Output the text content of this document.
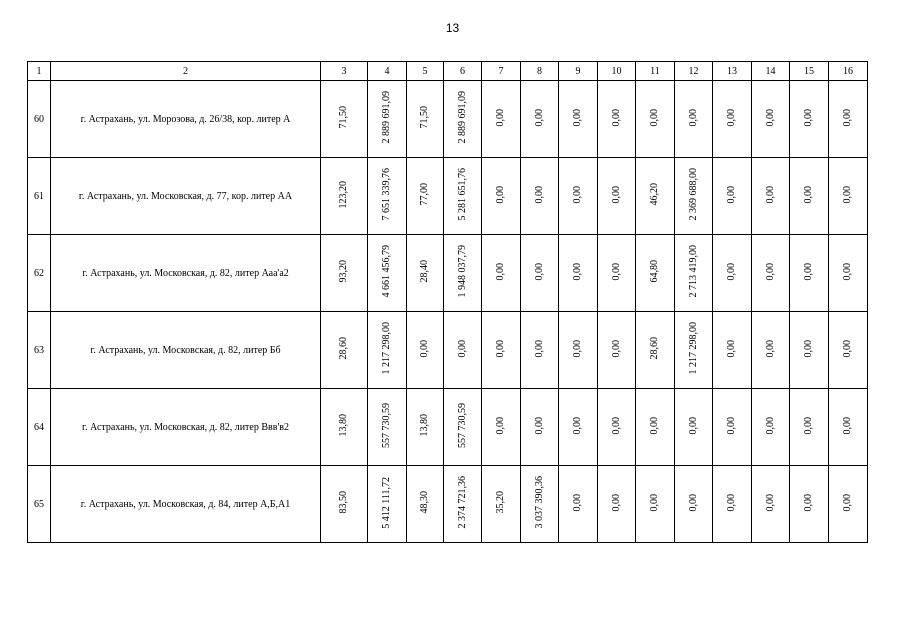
13
1	2	3	4	5	6	7	8	9	10	11	12	13	14	15	16
60	г. Астрахань, ул. Морозова, д. 26/38, кор. литер А	71,50	2 889 691,09	71,50	2 889 691,09	0,00	0,00	0,00	0,00	0,00	0,00	0,00	0,00	0,00	0,00
61	г. Астрахань, ул. Московская, д. 77, кор. литер АА	123,20	7 651 339,76	77,00	5 281 651,76	0,00	0,00	0,00	0,00	46,20	2 369 688,00	0,00	0,00	0,00	0,00
62	г. Астрахань, ул. Московская, д. 82, литер Ааа'а2	93,20	4 661 456,79	28,40	1 948 037,79	0,00	0,00	0,00	0,00	64,80	2 713 419,00	0,00	0,00	0,00	0,00
63	г. Астрахань, ул. Московская, д. 82, литер Бб	28,60	1 217 298,00	0,00	0,00	0,00	0,00	0,00	0,00	28,60	1 217 298,00	0,00	0,00	0,00	0,00
64	г. Астрахань, ул. Московская, д. 82, литер Ввв'в2	13,80	557 730,59	13,80	557 730,59	0,00	0,00	0,00	0,00	0,00	0,00	0,00	0,00	0,00	0,00
65	г. Астрахань, ул. Московская, д. 84, литер А,Б,А1	83,50	5 412 111,72	48,30	2 374 721,36	35,20	3 037 390,36	0,00	0,00	0,00	0,00	0,00	0,00	0,00	0,00
